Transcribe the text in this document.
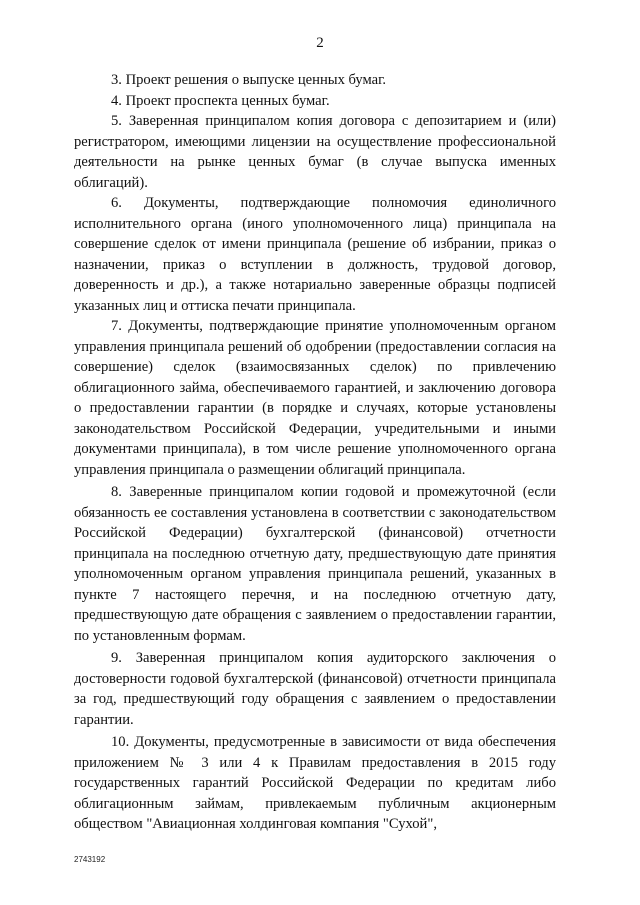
2

3. Проект решения о выпуске ценных бумаг.

4. Проект проспекта ценных бумаг.

5. Заверенная принципалом копия договора с депозитарием и (или) регистратором, имеющими лицензии на осуществление профессиональной деятельности на рынке ценных бумаг (в случае выпуска именных облигаций).

6. Документы, подтверждающие полномочия единоличного исполнительного органа (иного уполномоченного лица) принципала на совершение сделок от имени принципала (решение об избрании, приказ о назначении, приказ о вступлении в должность, трудовой договор, доверенность и др.), а также нотариально заверенные образцы подписей указанных лиц и оттиска печати принципала.

7. Документы, подтверждающие принятие уполномоченным органом управления принципала решений об одобрении (предоставлении согласия на совершение) сделок (взаимосвязанных сделок) по привлечению облигационного займа, обеспечиваемого гарантией, и заключению договора о предоставлении гарантии (в порядке и случаях, которые установлены законодательством Российской Федерации, учредительными и иными документами принципала), в том числе решение уполномоченного органа управления принципала о размещении облигаций принципала.

8. Заверенные принципалом копии годовой и промежуточной (если обязанность ее составления установлена в соответствии с законодательством Российской Федерации) бухгалтерской (финансовой) отчетности принципала на последнюю отчетную дату, предшествующую дате принятия уполномоченным органом управления принципала решений, указанных в пункте 7 настоящего перечня, и на последнюю отчетную дату, предшествующую дате обращения с заявлением о предоставлении гарантии, по установленным формам.

9. Заверенная принципалом копия аудиторского заключения о достоверности годовой бухгалтерской (финансовой) отчетности принципала за год, предшествующий году обращения с заявлением о предоставлении гарантии.

10. Документы, предусмотренные в зависимости от вида обеспечения приложением № 3 или 4 к Правилам предоставления в 2015 году государственных гарантий Российской Федерации по кредитам либо облигационным займам, привлекаемым публичным акционерным обществом "Авиационная холдинговая компания "Сухой",

2743192
